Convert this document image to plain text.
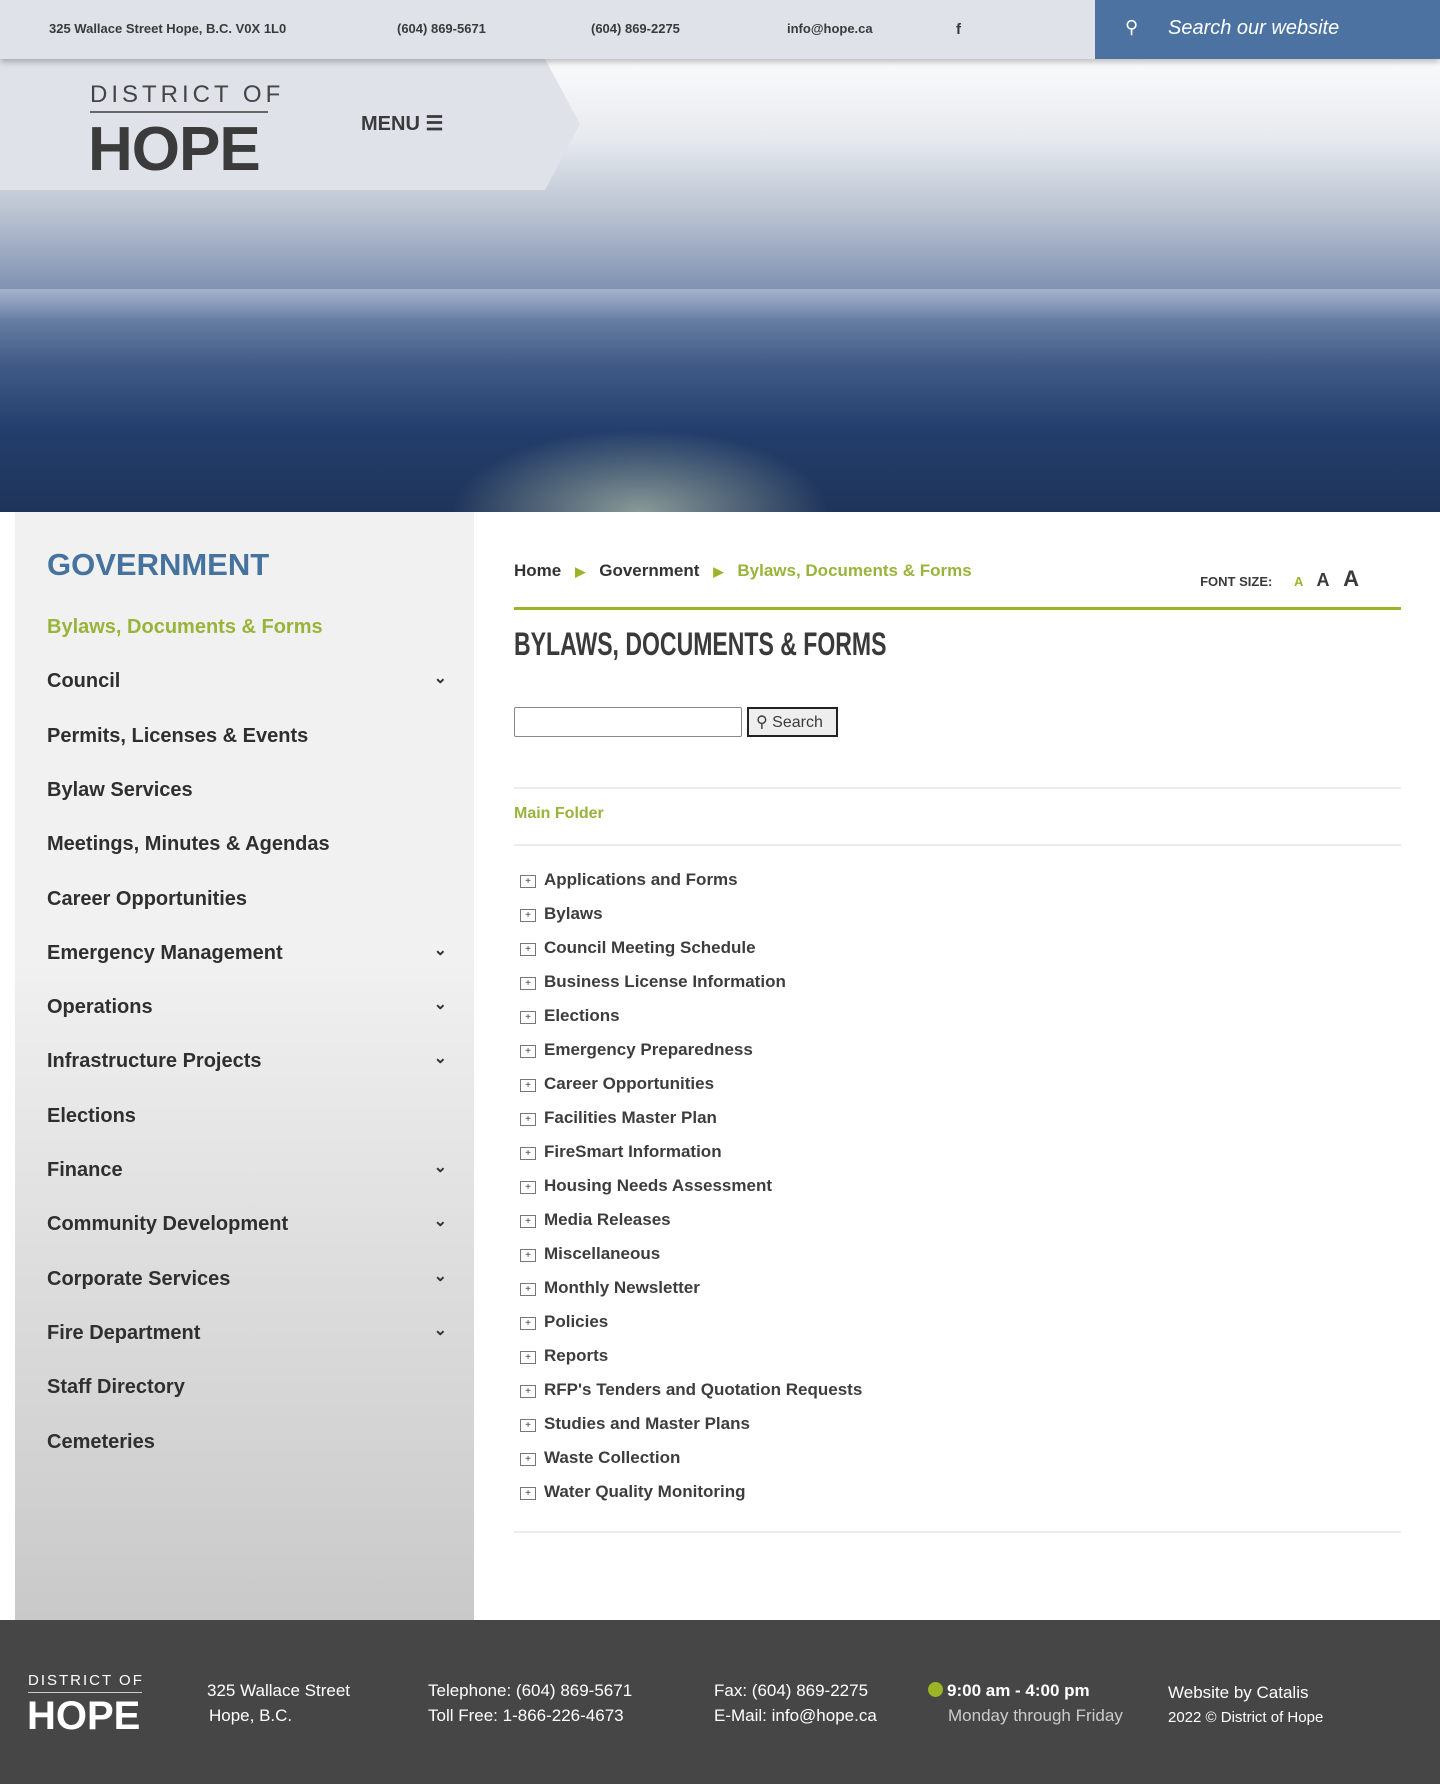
325 Wallace Street Hope, B.C. V0X 1L0	(604) 869-5671	(604) 869-2275	info@hope.ca	f	⚲ Search our website
DISTRICT OF
HOPE	MENU ☰
GOVERNMENT
Bylaws, Documents & Forms
Council	⌄
Permits, Licenses & Events
Bylaw Services
Meetings, Minutes & Agendas
Career Opportunities
Emergency Management	⌄
Operations	⌄
Infrastructure Projects	⌄
Elections
Finance	⌄
Community Development	⌄
Corporate Services	⌄
Fire Department	⌄
Staff Directory
Cemeteries
Home ▶ Government ▶ Bylaws, Documents & Forms
FONT SIZE: A A A
BYLAWS, DOCUMENTS & FORMS
⚲ Search
Main Folder
+ Applications and Forms
+ Bylaws
+ Council Meeting Schedule
+ Business License Information
+ Elections
+ Emergency Preparedness
+ Career Opportunities
+ Facilities Master Plan
+ FireSmart Information
+ Housing Needs Assessment
+ Media Releases
+ Miscellaneous
+ Monthly Newsletter
+ Policies
+ Reports
+ RFP's Tenders and Quotation Requests
+ Studies and Master Plans
+ Waste Collection
+ Water Quality Monitoring
DISTRICT OF
HOPE
325 Wallace Street
Hope, B.C.
Telephone: (604) 869-5671
Toll Free: 1-866-226-4673
Fax: (604) 869-2275
E-Mail: info@hope.ca
9:00 am - 4:00 pm
Monday through Friday
Website by Catalis
2022 © District of Hope
